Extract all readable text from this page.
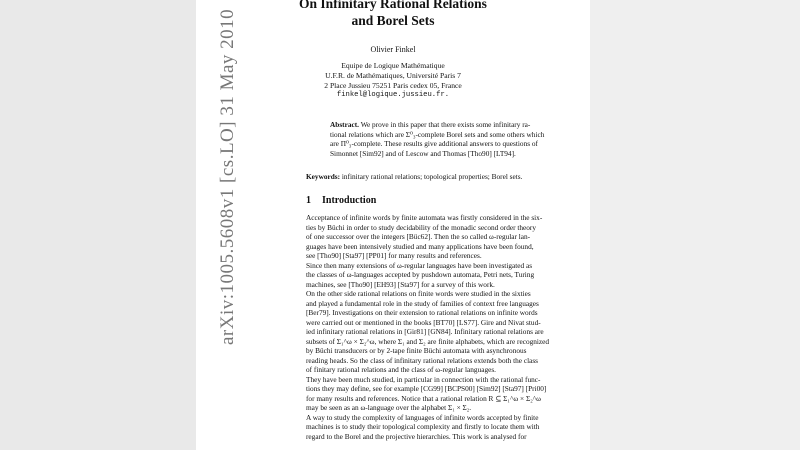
On Infinitary Rational Relations
and Borel Sets
Olivier Finkel
Equipe de Logique Mathématique
U.F.R. de Mathématiques, Université Paris 7
2 Place Jussieu 75251 Paris cedex 05, France
finkel@logique.jussieu.fr.
Abstract. We prove in this paper that there exists some infinitary ra-
tional relations which are Σ⁰₃-complete Borel sets and some others which
are Π⁰₃-complete. These results give additional answers to questions of
Simonnet [Sim92] and of Lescow and Thomas [Tho90] [LT94].
Keywords: infinitary rational relations; topological properties; Borel sets.
1 Introduction

Acceptance of infinite words by finite automata was firstly considered in the six-

ties by Büchi in order to study decidability of the monadic second order theory

of one successor over the integers [Büc62]. Then the so called ω-regular lan-

guages have been intensively studied and many applications have been found,

see [Tho90] [Sta97] [PP01] for many results and references.

Since then many extensions of ω-regular languages have been investigated as

the classes of ω-languages accepted by pushdown automata, Petri nets, Turing

machines, see [Tho90] [EH93] [Sta97] for a survey of this work.

On the other side rational relations on finite words were studied in the sixties

and played a fundamental role in the study of families of context free languages

[Ber79]. Investigations on their extension to rational relations on infinite words

were carried out or mentioned in the books [BT70] [LS77]. Gire and Nivat stud-

ied infinitary rational relations in [Gir81] [GN84]. Infinitary rational relations are

subsets of Σ₁^ω × Σ₂^ω, where Σ₁ and Σ₂ are finite alphabets, which are recognized

by Büchi transducers or by 2-tape finite Büchi automata with asynchronous

reading heads. So the class of infinitary rational relations extends both the class

of finitary rational relations and the class of ω-regular languages.

They have been much studied, in particular in connection with the rational func-

tions they may define, see for example [CG99] [BCPS00] [Sim92] [Sta97] [Pri00]

for many results and references. Notice that a rational relation R ⊆ Σ₁^ω × Σ₂^ω

may be seen as an ω-language over the alphabet Σ₁ × Σ₂.

A way to study the complexity of languages of infinite words accepted by finite

machines is to study their topological complexity and firstly to locate them with

regard to the Borel and the projective hierarchies. This work is analysed for

arXiv:1005.5608v1 [cs.LO] 31 May 2010
